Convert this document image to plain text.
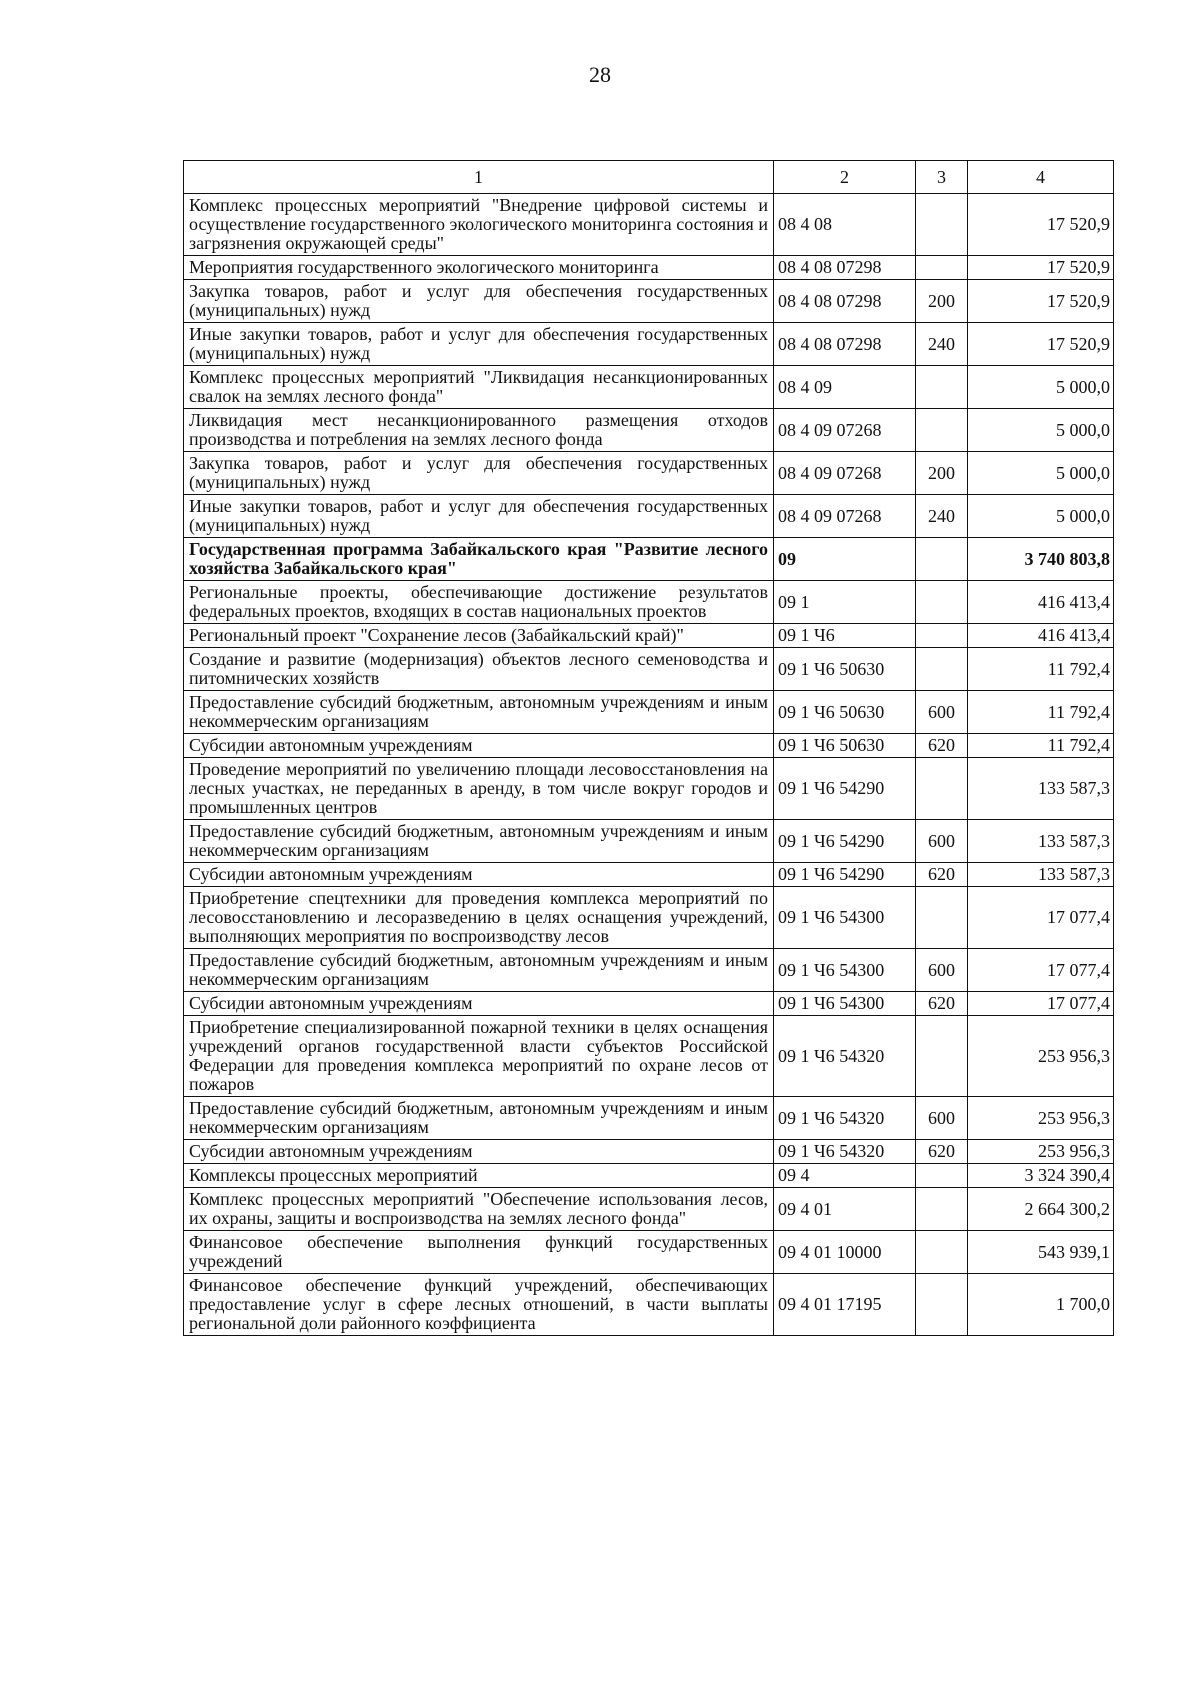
28
1	2	3	4
Комплекс процессных мероприятий "Внедрение цифровой системы и осуществление государственного экологического мониторинга состояния и загрязнения окружающей среды"	08 4 08		17 520,9
Мероприятия государственного экологического мониторинга	08 4 08 07298		17 520,9
Закупка товаров, работ и услуг для обеспечения государственных (муниципальных) нужд	08 4 08 07298	200	17 520,9
Иные закупки товаров, работ и услуг для обеспечения государственных (муниципальных) нужд	08 4 08 07298	240	17 520,9
Комплекс процессных мероприятий "Ликвидация несанкционированных свалок на землях лесного фонда"	08 4 09		5 000,0
Ликвидация мест несанкционированного размещения отходов производства и потребления на землях лесного фонда	08 4 09 07268		5 000,0
Закупка товаров, работ и услуг для обеспечения государственных (муниципальных) нужд	08 4 09 07268	200	5 000,0
Иные закупки товаров, работ и услуг для обеспечения государственных (муниципальных) нужд	08 4 09 07268	240	5 000,0
Государственная программа Забайкальского края "Развитие лесного хозяйства Забайкальского края"	09		3 740 803,8
Региональные проекты, обеспечивающие достижение результатов федеральных проектов, входящих в состав национальных проектов	09 1		416 413,4
Региональный проект "Сохранение лесов (Забайкальский край)"	09 1 Ч6		416 413,4
Создание и развитие (модернизация) объектов лесного семеноводства и питомнических хозяйств	09 1 Ч6 50630		11 792,4
Предоставление субсидий бюджетным, автономным учреждениям и иным некоммерческим организациям	09 1 Ч6 50630	600	11 792,4
Субсидии автономным учреждениям	09 1 Ч6 50630	620	11 792,4
Проведение мероприятий по увеличению площади лесовосстановления на лесных участках, не переданных в аренду, в том числе вокруг городов и промышленных центров	09 1 Ч6 54290		133 587,3
Предоставление субсидий бюджетным, автономным учреждениям и иным некоммерческим организациям	09 1 Ч6 54290	600	133 587,3
Субсидии автономным учреждениям	09 1 Ч6 54290	620	133 587,3
Приобретение спецтехники для проведения комплекса мероприятий по лесовосстановлению и лесоразведению в целях оснащения учреждений, выполняющих мероприятия по воспроизводству лесов	09 1 Ч6 54300		17 077,4
Предоставление субсидий бюджетным, автономным учреждениям и иным некоммерческим организациям	09 1 Ч6 54300	600	17 077,4
Субсидии автономным учреждениям	09 1 Ч6 54300	620	17 077,4
Приобретение специализированной пожарной техники в целях оснащения учреждений органов государственной власти субъектов Российской Федерации для проведения комплекса мероприятий по охране лесов от пожаров	09 1 Ч6 54320		253 956,3
Предоставление субсидий бюджетным, автономным учреждениям и иным некоммерческим организациям	09 1 Ч6 54320	600	253 956,3
Субсидии автономным учреждениям	09 1 Ч6 54320	620	253 956,3
Комплексы процессных мероприятий	09 4		3 324 390,4
Комплекс процессных мероприятий "Обеспечение использования лесов, их охраны, защиты и воспроизводства на землях лесного фонда"	09 4 01		2 664 300,2
Финансовое обеспечение выполнения функций государственных учреждений	09 4 01 10000		543 939,1
Финансовое обеспечение функций учреждений, обеспечивающих предоставление услуг в сфере лесных отношений, в части выплаты региональной доли районного коэффициента	09 4 01 17195		1 700,0
